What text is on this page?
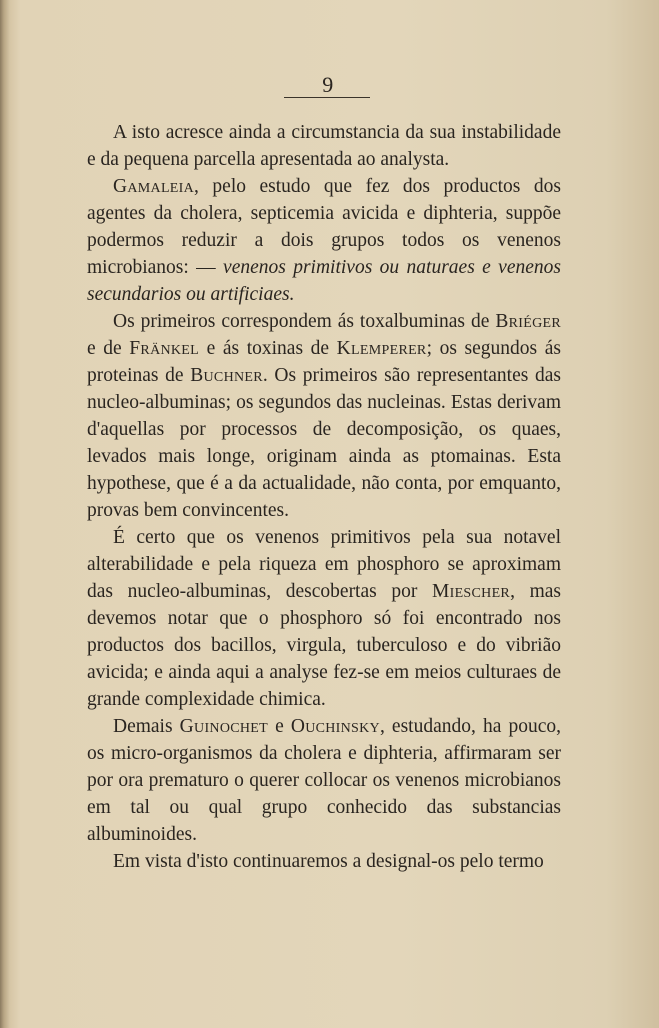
9

A isto acresce ainda a circumstancia da sua instabilidade e da pequena parcella apresentada ao analysta.

Gamaleia, pelo estudo que fez dos productos dos agentes da cholera, septicemia avicida e diphteria, suppõe podermos reduzir a dois grupos todos os venenos microbianos: — venenos primitivos ou naturaes e venenos secundarios ou artificiaes.

Os primeiros correspondem ás toxalbuminas de Briéger e de Fränkel e ás toxinas de Klemperer; os segundos ás proteinas de Buchner. Os primeiros são representantes das nucleo-albuminas; os segundos das nucleinas. Estas derivam d'aquellas por processos de decomposição, os quaes, levados mais longe, originam ainda as ptomainas. Esta hypothese, que é a da actualidade, não conta, por emquanto, provas bem convincentes.

É certo que os venenos primitivos pela sua notavel alterabilidade e pela riqueza em phosphoro se aproximam das nucleo-albuminas, descobertas por Miescher, mas devemos notar que o phosphoro só foi encontrado nos productos dos bacillos, virgula, tuberculoso e do vibrião avicida; e ainda aqui a analyse fez-se em meios culturaes de grande complexidade chimica.

Demais Guinochet e Ouchinsky, estudando, ha pouco, os micro-organismos da cholera e diphteria, affirmaram ser por ora prematuro o querer collocar os venenos microbianos em tal ou qual grupo conhecido das substancias albuminoides.

Em vista d'isto continuaremos a designal-os pelo termo
